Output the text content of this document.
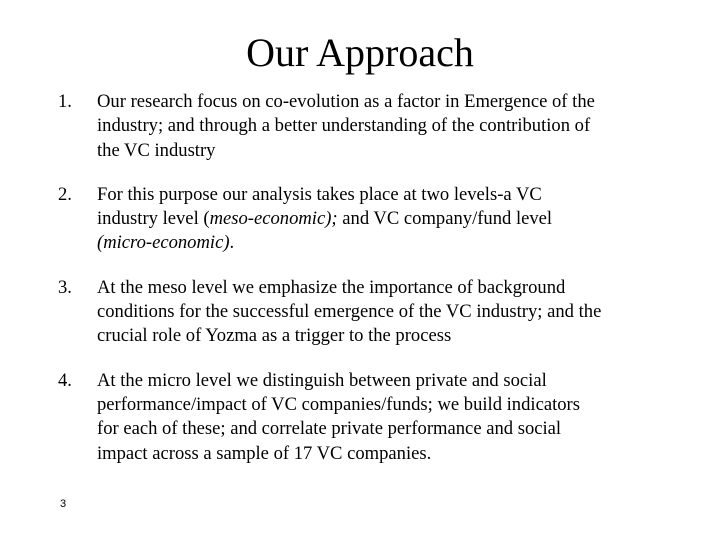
Our Approach
1. Our research focus on co-evolution as a factor in Emergence of the
industry; and through a better understanding of the contribution of
the VC industry
2. For this purpose our analysis takes place at two levels-a VC
industry level (meso-economic); and VC company/fund level
(micro-economic).
3. At the meso level we emphasize the importance of background
conditions for the successful emergence of the VC industry; and the
crucial role of Yozma as a trigger to the process
4. At the micro level we distinguish between private and social
performance/impact of VC companies/funds; we build indicators
for each of these; and correlate private performance and social
impact across a sample of 17 VC companies.
3
